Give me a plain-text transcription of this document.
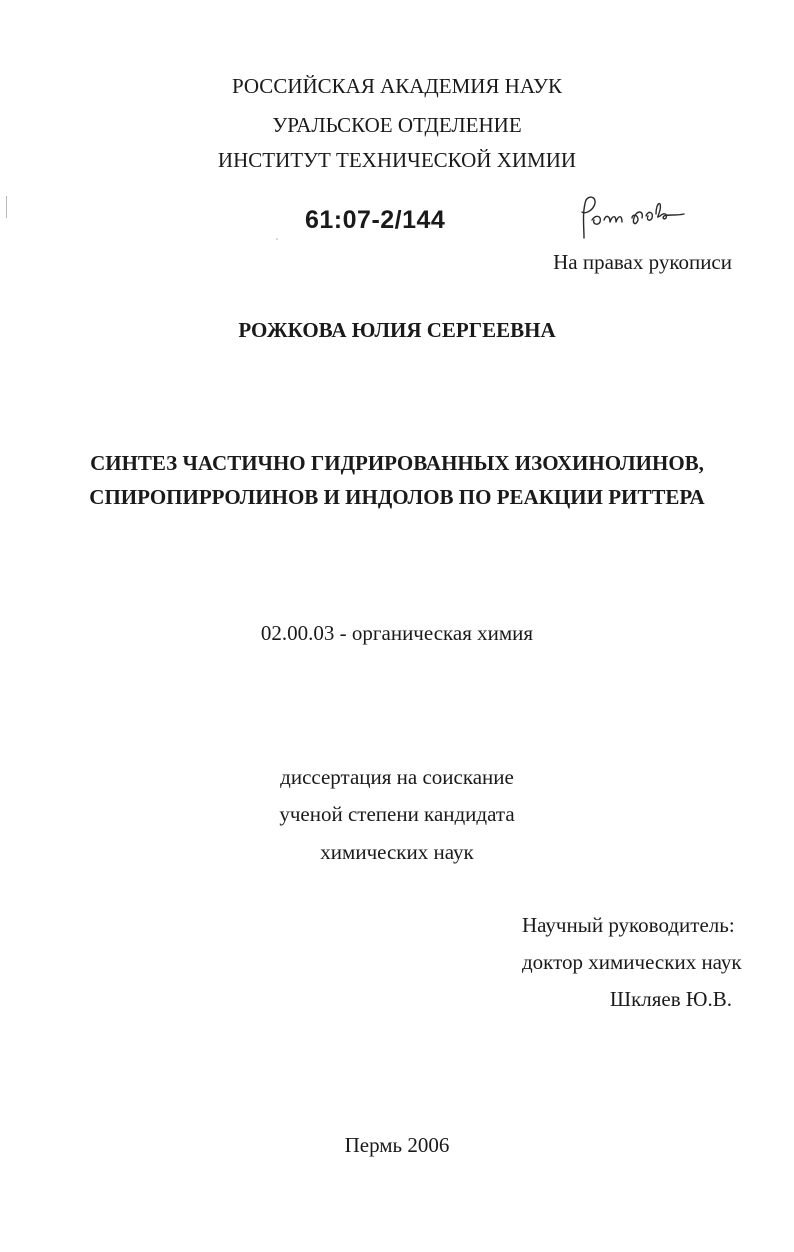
РОССИЙСКАЯ АКАДЕМИЯ НАУК
УРАЛЬСКОЕ ОТДЕЛЕНИЕ
ИНСТИТУТ ТЕХНИЧЕСКОЙ ХИМИИ
61:07-2/144
На правах рукописи
РОЖКОВА ЮЛИЯ СЕРГЕЕВНА
СИНТЕЗ ЧАСТИЧНО ГИДРИРОВАННЫХ ИЗОХИНОЛИНОВ,
СПИРОПИРРОЛИНОВ И ИНДОЛОВ ПО РЕАКЦИИ РИТТЕРА
02.00.03 - органическая химия
диссертация на соискание
ученой степени кандидата
химических наук
Научный руководитель:
доктор химических наук
Шкляев Ю.В.
Пермь 2006
